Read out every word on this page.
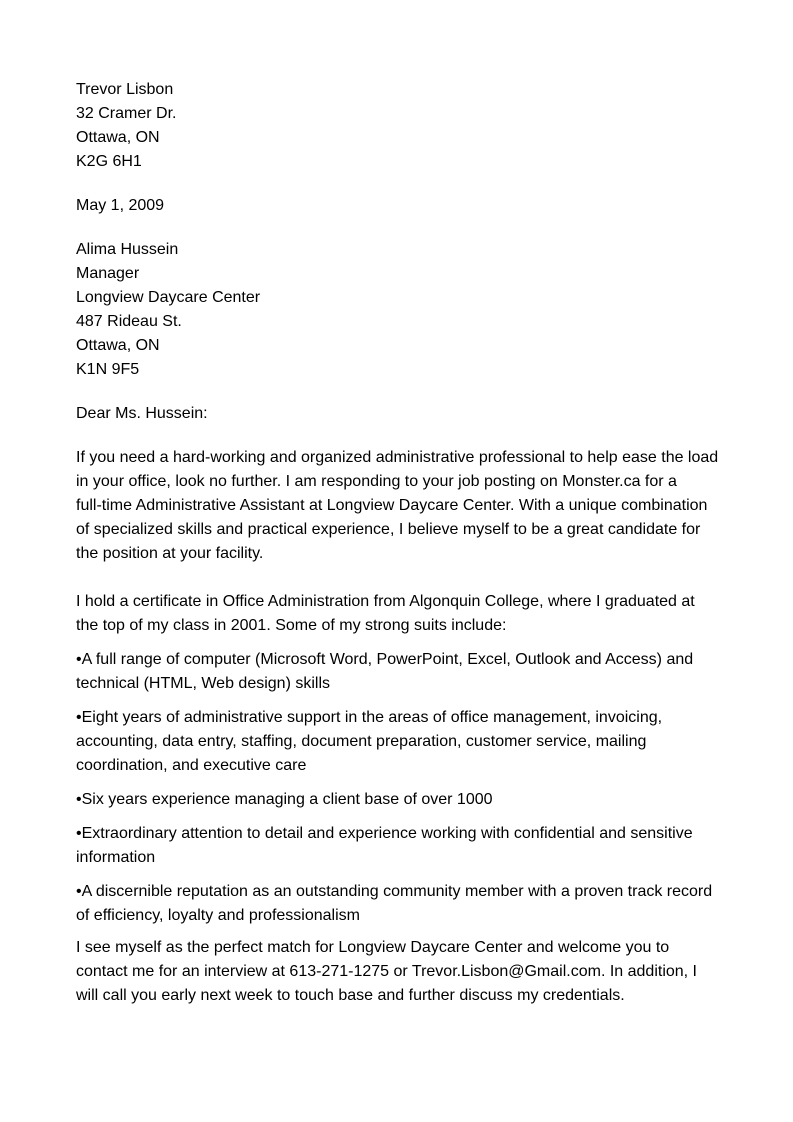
Trevor Lisbon
32 Cramer Dr.
Ottawa, ON
K2G 6H1
May 1, 2009
Alima Hussein
Manager
Longview Daycare Center
487 Rideau St.
Ottawa, ON
K1N 9F5
Dear Ms. Hussein:
If you need a hard-working and organized administrative professional to help ease the load
in your office, look no further. I am responding to your job posting on Monster.ca for a
full-time Administrative Assistant at Longview Daycare Center. With a unique combination
of specialized skills and practical experience, I believe myself to be a great candidate for
the position at your facility.
I hold a certificate in Office Administration from Algonquin College, where I graduated at
the top of my class in 2001. Some of my strong suits include:
•A full range of computer (Microsoft Word, PowerPoint, Excel, Outlook and Access) and
technical (HTML, Web design) skills
•Eight years of administrative support in the areas of office management, invoicing,
accounting, data entry, staffing, document preparation, customer service, mailing
coordination, and executive care
•Six years experience managing a client base of over 1000
•Extraordinary attention to detail and experience working with confidential and sensitive
information
•A discernible reputation as an outstanding community member with a proven track record
of efficiency, loyalty and professionalism
I see myself as the perfect match for Longview Daycare Center and welcome you to
contact me for an interview at 613-271-1275 or Trevor.Lisbon@Gmail.com. In addition, I
will call you early next week to touch base and further discuss my credentials.
